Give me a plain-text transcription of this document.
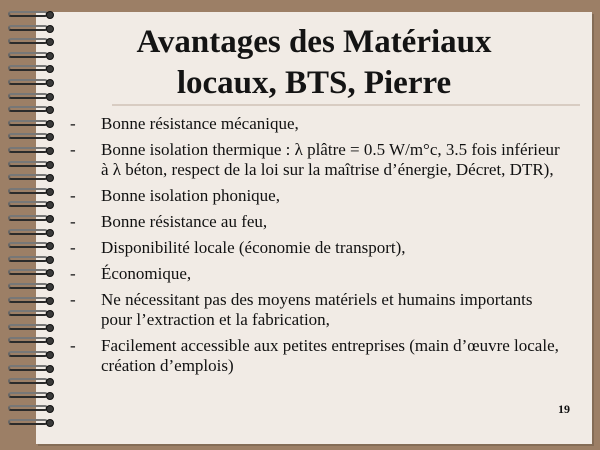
Avantages des Matériaux
locaux, BTS, Pierre
- Bonne résistance mécanique,
- Bonne isolation thermique : λ plâtre = 0.5 W/m°c, 3.5 fois inférieur à λ béton, respect de la loi sur la maîtrise d’énergie, Décret, DTR),
- Bonne isolation phonique,
- Bonne résistance au feu,
- Disponibilité locale (économie de transport),
- Économique,
- Ne nécessitant pas des moyens matériels et humains importants pour l’extraction et la fabrication,
- Facilement accessible aux petites entreprises (main d’œuvre locale, création d’emplois)
19
